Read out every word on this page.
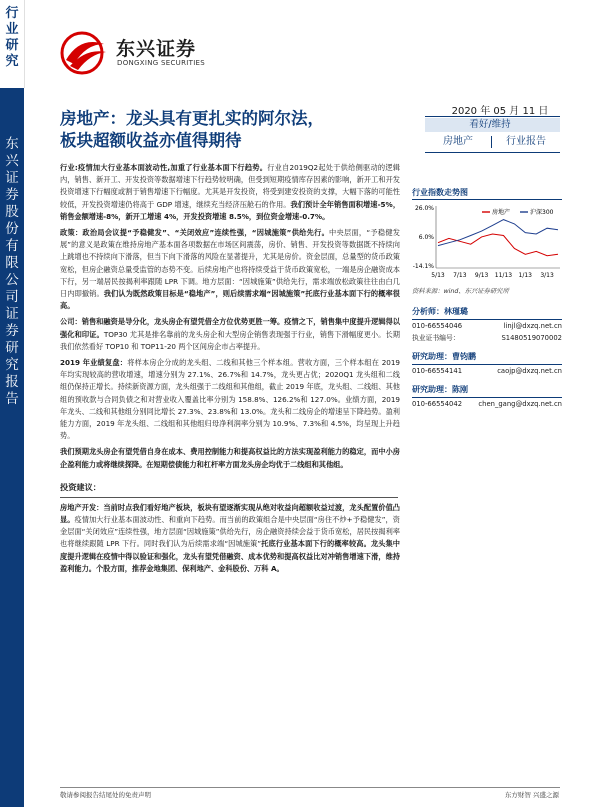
行业研究
东兴证券股份有限公司证券研究报告
东兴证券
DONGXING SECURITIES
房地产：龙头具有更扎实的阿尔法，
板块超额收益亦值得期待
2020 年 05 月 11 日
看好/维持
房地产	行业报告

行业:疫情加大行业基本面波动性,加重了行业基本面下行趋势。行业自2019Q2起处于供给侧驱动的逻辑内，销售、新开工、开发投资等数据增速下行趋势较明确，但受到短期疫情库存因素的影响，新开工和开发投资增速下行幅度或割于销售增速下行幅度。尤其是开发投资，将受到建安投资的支撑，大幅下落的可能性较低，开发投资增速仍将高于 GDP 增速，继续充当经济压舱石的作用。我们预计全年销售面积增速-5%，销售金额增速-8%，新开工增速 4%，开发投资增速 8.5%，到位资金增速-0.7%。

政策：政治局会议提“予稳健发”、“关闭效应”连续性强，“因城施策”供给先行。中央层面，“予稳健发展”的意义是政策在维持房地产基本面各项数据在市场区间震荡，房价、销售、开发投资等数据既不持续向上跳增也不持续向下滑落，但当下向下滑落的风险在显著提升，尤其是房价。资金层面，总量型的货币政策宽松，但房企融资总量受监管的态势不变。后续房地产也将持续受益于货币政策宽松，一端是房企融资成本下行，另一端居民按揭利率跟随 LPR 下调。地方层面：“因城施策”供给先行，需求端放松政策往往由白几日内即撤销。我们认为既然政策目标是“稳地产”，则后续需求端“因城施策”托底行业基本面下行的概率很高。

公司：销售和融资是导分化，龙头房企有望凭借全方位优势更胜一筹。疫情之下，销售集中度提升逻辑得以强化和印证。TOP30 尤其是排名靠前的龙头房企和大型房企销售表现强于行业，销售下滑幅度更小。长期我们依然看好 TOP10 和 TOP11-20 两个区间房企市占率提升。

2019 年业绩复盘：将样本房企分成的龙头组、二线和其他三个样本组。营收方面，三个样本组在 2019 年均实现较高的营收增速，增速分别为 27.1%、26.7%和 14.7%，龙头更占优；2020Q1 龙头组和二线组仍保持正增长。持续新资源方面，龙头组强于二线组和其他组，截止 2019 年底，龙头组、二线组、其他组的预收款与合同负债之和对营业收入覆盖比率分别为 158.8%、126.2%和 127.0%。业绩方面，2019 年龙头、二线和其他组分别同比增长 27.3%、23.8%和 13.0%。龙头和二线房企的增速呈下降趋势。盈利能力方面，2019 年龙头组、二线组和其他组归母净利润率分别为 10.9%、7.3%和 4.5%，均呈现上升趋势。

我们预期龙头房企有望凭借自身在成本、费用控制能力和提高权益比的方法实现盈利能力的稳定，而中小房企盈利能力或将继续探降。在短期偿债能力和杠杆率方面龙头房企均优于二线组和其他组。

投资建议：

房地产开发：当前时点我们看好地产板块，板块有望逐渐实现从绝对收益向超额收益过渡，龙头配置价值凸显。疫情加大行业基本面波动性、和重向下趋势。而当前的政策组合是中央层面“房住不炒+予稳健发”，资金层面“关闭效应”连续性强，地方层面“因城施策”供给先行，房企融资持续会益于货币宽松，居民按揭利率也将继续跟随 LPR 下行。同时我们认为后续需求端“因城施策”托底行业基本面下行的概率较高。龙头集中度提升逻辑在疫情中得以验证和强化，龙头有望凭借融资、成本优势和提高权益比对冲销售增速下滑，维持盈利能力。个股方面，推荐金地集团、保利地产、金科股份、万科 A。

行业指数走势图
26.0%
6.0%
-14.1%
5/13 7/13 9/13 11/13 1/13 3/13
房地产	沪深300
资料来源：wind、东兴证券研究所
分析师：林瑾璐
010-66554046	linjl@dxzq.net.cn
执业证书编号：	S1480519070002
研究助理：曹钧鹏
010-66554141	caojp@dxzq.net.cn
研究助理：陈刚
010-66554042 chen_gang@dxzq.net.cn
敬请参阅报告结尾处的免责声明	东方财智 兴盛之源
